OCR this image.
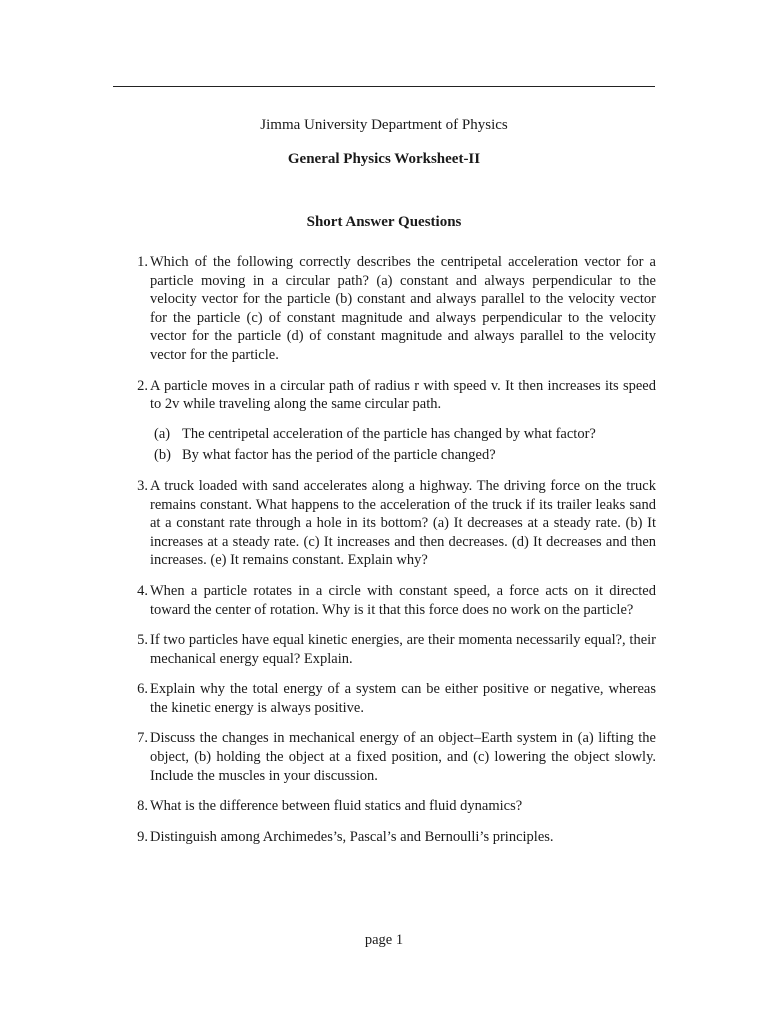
Jimma University Department of Physics
General Physics Worksheet-II
Short Answer Questions
1. Which of the following correctly describes the centripetal acceleration vector for a particle moving in a circular path? (a) constant and always perpendicular to the velocity vector for the particle (b) constant and always parallel to the velocity vector for the particle (c) of constant magnitude and always perpendicular to the velocity vector for the particle (d) of constant magnitude and always parallel to the velocity vector for the particle.
2. A particle moves in a circular path of radius r with speed v. It then increases its speed to 2v while traveling along the same circular path.
(a) The centripetal acceleration of the particle has changed by what factor?
(b) By what factor has the period of the particle changed?
3. A truck loaded with sand accelerates along a highway. The driving force on the truck remains constant. What happens to the acceleration of the truck if its trailer leaks sand at a constant rate through a hole in its bottom? (a) It decreases at a steady rate. (b) It increases at a steady rate. (c) It increases and then decreases. (d) It decreases and then increases. (e) It remains constant. Explain why?
4. When a particle rotates in a circle with constant speed, a force acts on it directed toward the center of rotation. Why is it that this force does no work on the particle?
5. If two particles have equal kinetic energies, are their momenta necessarily equal?, their mechanical energy equal? Explain.
6. Explain why the total energy of a system can be either positive or negative, whereas the kinetic energy is always positive.
7. Discuss the changes in mechanical energy of an object–Earth system in (a) lifting the object, (b) holding the object at a fixed position, and (c) lowering the object slowly. Include the muscles in your discussion.
8. What is the difference between fluid statics and fluid dynamics?
9. Distinguish among Archimedes’s, Pascal’s and Bernoulli’s principles.
page 1
